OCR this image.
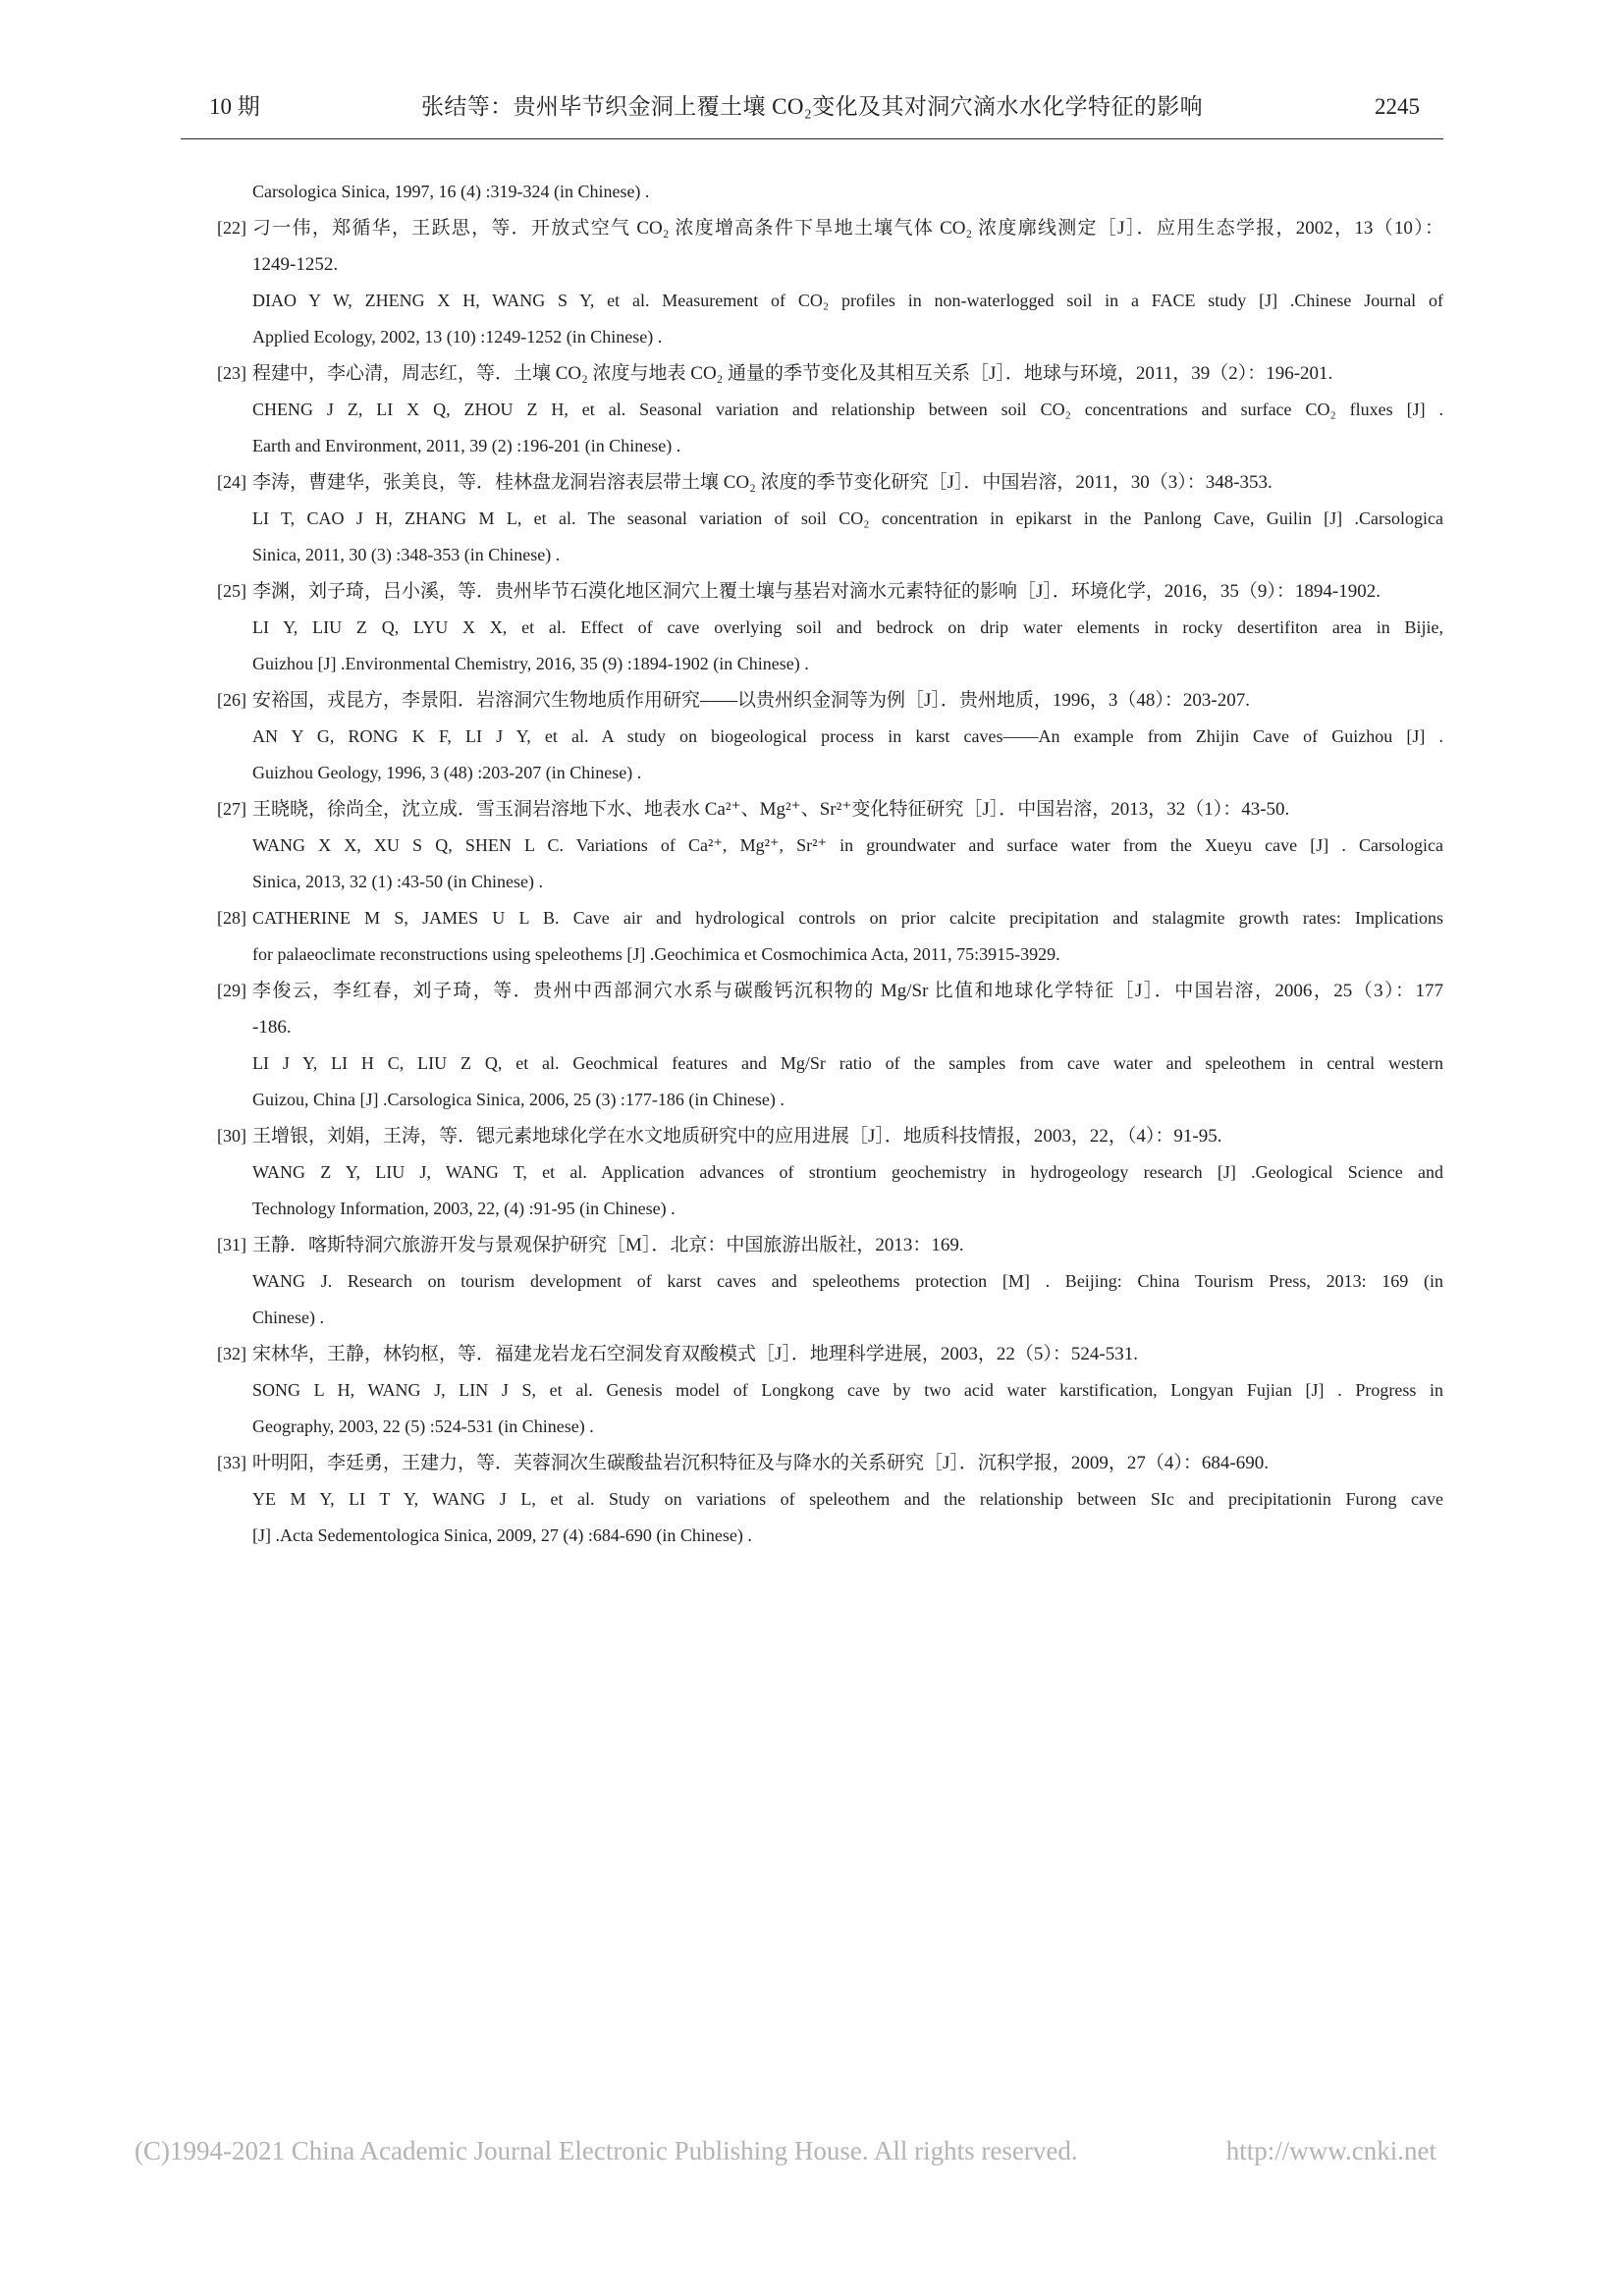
10 期	张结等：贵州毕节织金洞上覆土壤 CO₂变化及其对洞穴滴水水化学特征的影响	2245
Carsologica Sinica, 1997, 16 (4) :319-324 (in Chinese) .
[22] 刁一伟，郑循华，王跃思，等．开放式空气 CO₂ 浓度增高条件下旱地土壤气体 CO₂ 浓度廓线测定［J］．应用生态学报，2002，13（10）：
1249-1252.
DIAO Y W, ZHENG X H, WANG S Y, et al. Measurement of CO₂ profiles in non-waterlogged soil in a FACE study [J] .Chinese Journal of
Applied Ecology, 2002, 13 (10) :1249-1252 (in Chinese) .
[23] 程建中，李心清，周志红，等．土壤 CO₂ 浓度与地表 CO₂ 通量的季节变化及其相互关系［J］．地球与环境，2011，39（2）：196-201.
CHENG J Z, LI X Q, ZHOU Z H, et al. Seasonal variation and relationship between soil CO₂ concentrations and surface CO₂ fluxes [J] .
Earth and Environment, 2011, 39 (2) :196-201 (in Chinese) .
[24] 李涛，曹建华，张美良，等．桂林盘龙洞岩溶表层带土壤 CO₂ 浓度的季节变化研究［J］．中国岩溶，2011，30（3）：348-353.
LI T, CAO J H, ZHANG M L, et al. The seasonal variation of soil CO₂ concentration in epikarst in the Panlong Cave, Guilin [J] .Carsologica
Sinica, 2011, 30 (3) :348-353 (in Chinese) .
[25] 李渊，刘子琦，吕小溪，等．贵州毕节石漠化地区洞穴上覆土壤与基岩对滴水元素特征的影响［J］．环境化学，2016，35（9）：1894-1902.
LI Y, LIU Z Q, LYU X X, et al. Effect of cave overlying soil and bedrock on drip water elements in rocky desertifiton area in Bijie,
Guizhou [J] .Environmental Chemistry, 2016, 35 (9) :1894-1902 (in Chinese) .
[26] 安裕国，戎昆方，李景阳．岩溶洞穴生物地质作用研究——以贵州织金洞等为例［J］．贵州地质，1996，3（48）：203-207.
AN Y G, RONG K F, LI J Y, et al. A study on biogeological process in karst caves——An example from Zhijin Cave of Guizhou [J] .
Guizhou Geology, 1996, 3 (48) :203-207 (in Chinese) .
[27] 王晓晓，徐尚全，沈立成．雪玉洞岩溶地下水、地表水 Ca²⁺、Mg²⁺、Sr²⁺变化特征研究［J］．中国岩溶，2013，32（1）：43-50.
WANG X X, XU S Q, SHEN L C. Variations of Ca²⁺, Mg²⁺, Sr²⁺ in groundwater and surface water from the Xueyu cave [J] . Carsologica
Sinica, 2013, 32 (1) :43-50 (in Chinese) .
[28] CATHERINE M S, JAMES U L B. Cave air and hydrological controls on prior calcite precipitation and stalagmite growth rates: Implications
for palaeoclimate reconstructions using speleothems [J] .Geochimica et Cosmochimica Acta, 2011, 75:3915-3929.
[29] 李俊云，李红春，刘子琦，等．贵州中西部洞穴水系与碳酸钙沉积物的 Mg/Sr 比值和地球化学特征［J］．中国岩溶，2006，25（3）：177
-186.
LI J Y, LI H C, LIU Z Q, et al. Geochmical features and Mg/Sr ratio of the samples from cave water and speleothem in central western
Guizou, China [J] .Carsologica Sinica, 2006, 25 (3) :177-186 (in Chinese) .
[30] 王增银，刘娟，王涛，等．锶元素地球化学在水文地质研究中的应用进展［J］．地质科技情报，2003，22，（4）：91-95.
WANG Z Y, LIU J, WANG T, et al. Application advances of strontium geochemistry in hydrogeology research [J] .Geological Science and
Technology Information, 2003, 22, (4) :91-95 (in Chinese) .
[31] 王静．喀斯特洞穴旅游开发与景观保护研究［M］．北京：中国旅游出版社，2013：169.
WANG J. Research on tourism development of karst caves and speleothems protection [M] . Beijing: China Tourism Press, 2013: 169 (in
Chinese) .
[32] 宋林华，王静，林钧枢，等．福建龙岩龙石空洞发育双酸模式［J］．地理科学进展，2003，22（5）：524-531.
SONG L H, WANG J, LIN J S, et al. Genesis model of Longkong cave by two acid water karstification, Longyan Fujian [J] . Progress in
Geography, 2003, 22 (5) :524-531 (in Chinese) .
[33] 叶明阳，李廷勇，王建力，等．芙蓉洞次生碳酸盐岩沉积特征及与降水的关系研究［J］．沉积学报，2009，27（4）：684-690.
YE M Y, LI T Y, WANG J L, et al. Study on variations of speleothem and the relationship between SIc and precipitationin Furong cave
[J] .Acta Sedementologica Sinica, 2009, 27 (4) :684-690 (in Chinese) .
(C)1994-2021 China Academic Journal Electronic Publishing House. All rights reserved.	http://www.cnki.net
